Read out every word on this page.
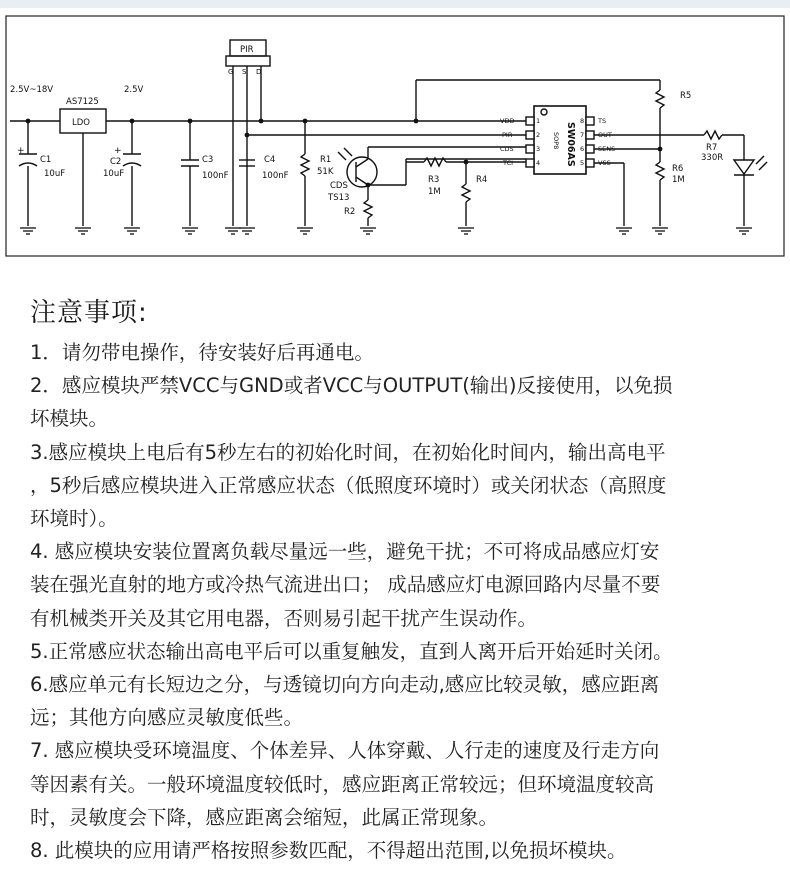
2.5V~18V	2.5V
AS7125
LDO
PIR
G S D
+
C1
10uF
+
C2
10uF
C3
100nF
C4
100nF
R1
51K
CDS
TS13
R2
R3
1M
R4
R5
R6
1M
R7
330R
VDD
PIR
CDS
TCI
1
2
3
4
8
7
6
5
TS
OUT
SENS
VSS
SW06AS
SOP8
注意事项:

1．请勿带电操作，待安装好后再通电。

2．感应模块严禁VCC与GND或者VCC与OUTPUT(输出)反接使用，以免损
坏模块。

3.感应模块上电后有5秒左右的初始化时间，在初始化时间内，输出高电平
，5秒后感应模块进入正常感应状态（低照度环境时）或关闭状态（高照度
环境时）。

4. 感应模块安装位置离负载尽量远一些，避免干扰；不可将成品感应灯安
装在强光直射的地方或冷热气流进出口； 成品感应灯电源回路内尽量不要
有机械类开关及其它用电器，否则易引起干扰产生误动作。

5.正常感应状态输出高电平后可以重复触发，直到人离开后开始延时关闭。

6.感应单元有长短边之分，与透镜切向方向走动,感应比较灵敏，感应距离
远；其他方向感应灵敏度低些。

7. 感应模块受环境温度、个体差异、人体穿戴、人行走的速度及行走方向
等因素有关。一般环境温度较低时，感应距离正常较远；但环境温度较高
时，灵敏度会下降，感应距离会缩短，此属正常现象。

8. 此模块的应用请严格按照参数匹配，不得超出范围,以免损坏模块。
